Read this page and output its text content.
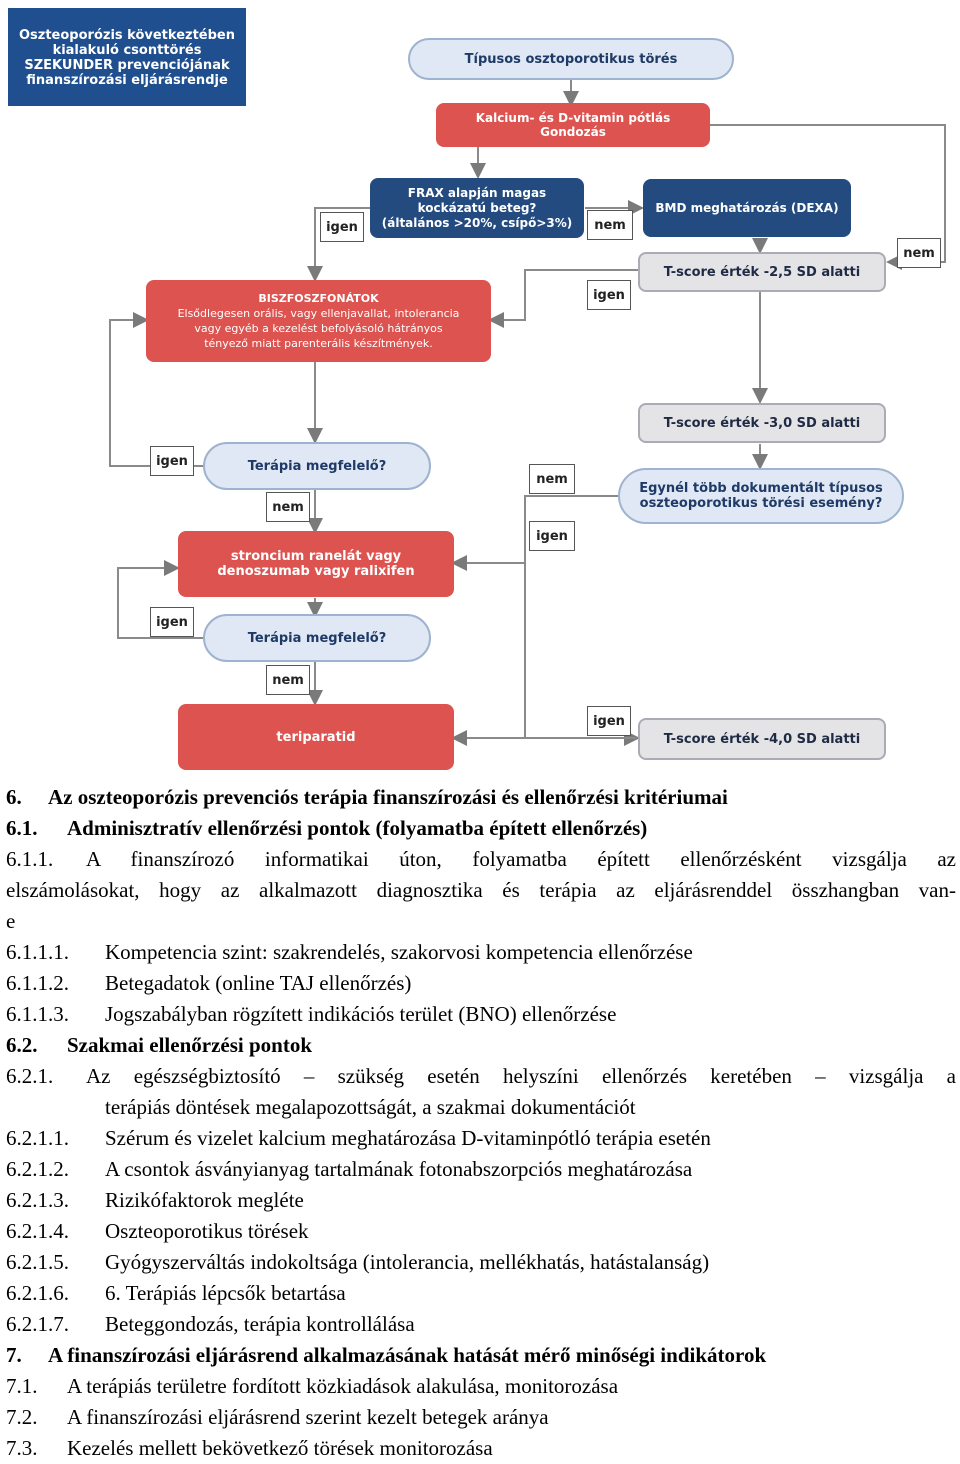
Oszteoporózis következtében kialakuló csonttörés SZEKUNDER prevenciójának finanszírozási eljárásrendje
Típusos osztoporotikus törés
Kalcium- és D-vitamin pótlás
Gondozás
FRAX alapján magas
kockázatú beteg?
(általános >20%, csípő>3%)
BMD meghatározás (DEXA)
T-score érték -2,5 SD alatti
BISZFOSZFONÁTOK
Elsődlegesen orális, vagy ellenjavallat, intolerancia
vagy egyéb a kezelést befolyásoló hátrányos
tényező miatt parenterális készítmények.
T-score érték -3,0 SD alatti
Terápia megfelelő?
Egynél több dokumentált típusos
oszteoporotikus törési esemény?
stroncium ranelát vagy
denoszumab vagy ralixifen
Terápia megfelelő?
teriparatid	T-score érték -4,0 SD alatti
igen	nem
nem
igen
igen
nem
nem
igen
igen
nem
igen
6. Az oszteoporózis prevenciós terápia finanszírozási és ellenőrzési kritériumai
6.1. Adminisztratív ellenőrzési pontok (folyamatba épített ellenőrzés)
6.1.1. A finanszírozó informatikai úton, folyamatba épített ellenőrzésként vizsgálja az
elszámolásokat, hogy az alkalmazott diagnosztika és terápia az eljárásrenddel összhangban van-
e
6.1.1.1. Kompetencia szint: szakrendelés, szakorvosi kompetencia ellenőrzése
6.1.1.2. Betegadatok (online TAJ ellenőrzés)
6.1.1.3. Jogszabályban rögzített indikációs terület (BNO) ellenőrzése
6.2. Szakmai ellenőrzési pontok
6.2.1. Az egészségbiztosító – szükség esetén helyszíni ellenőrzés keretében – vizsgálja a
terápiás döntések megalapozottságát, a szakmai dokumentációt
6.2.1.1. Szérum és vizelet kalcium meghatározása D-vitaminpótló terápia esetén
6.2.1.2. A csontok ásványianyag tartalmának fotonabszorpciós meghatározása
6.2.1.3. Rizikófaktorok megléte
6.2.1.4. Oszteoporotikus törések
6.2.1.5. Gyógyszerváltás indokoltsága (intolerancia, mellékhatás, hatástalanság)
6.2.1.6. 6. Terápiás lépcsők betartása
6.2.1.7. Beteggondozás, terápia kontrollálása
7. A finanszírozási eljárásrend alkalmazásának hatását mérő minőségi indikátorok
7.1. A terápiás területre fordított közkiadások alakulása, monitorozása
7.2. A finanszírozási eljárásrend szerint kezelt betegek aránya
7.3. Kezelés mellett bekövetkező törések monitorozása
